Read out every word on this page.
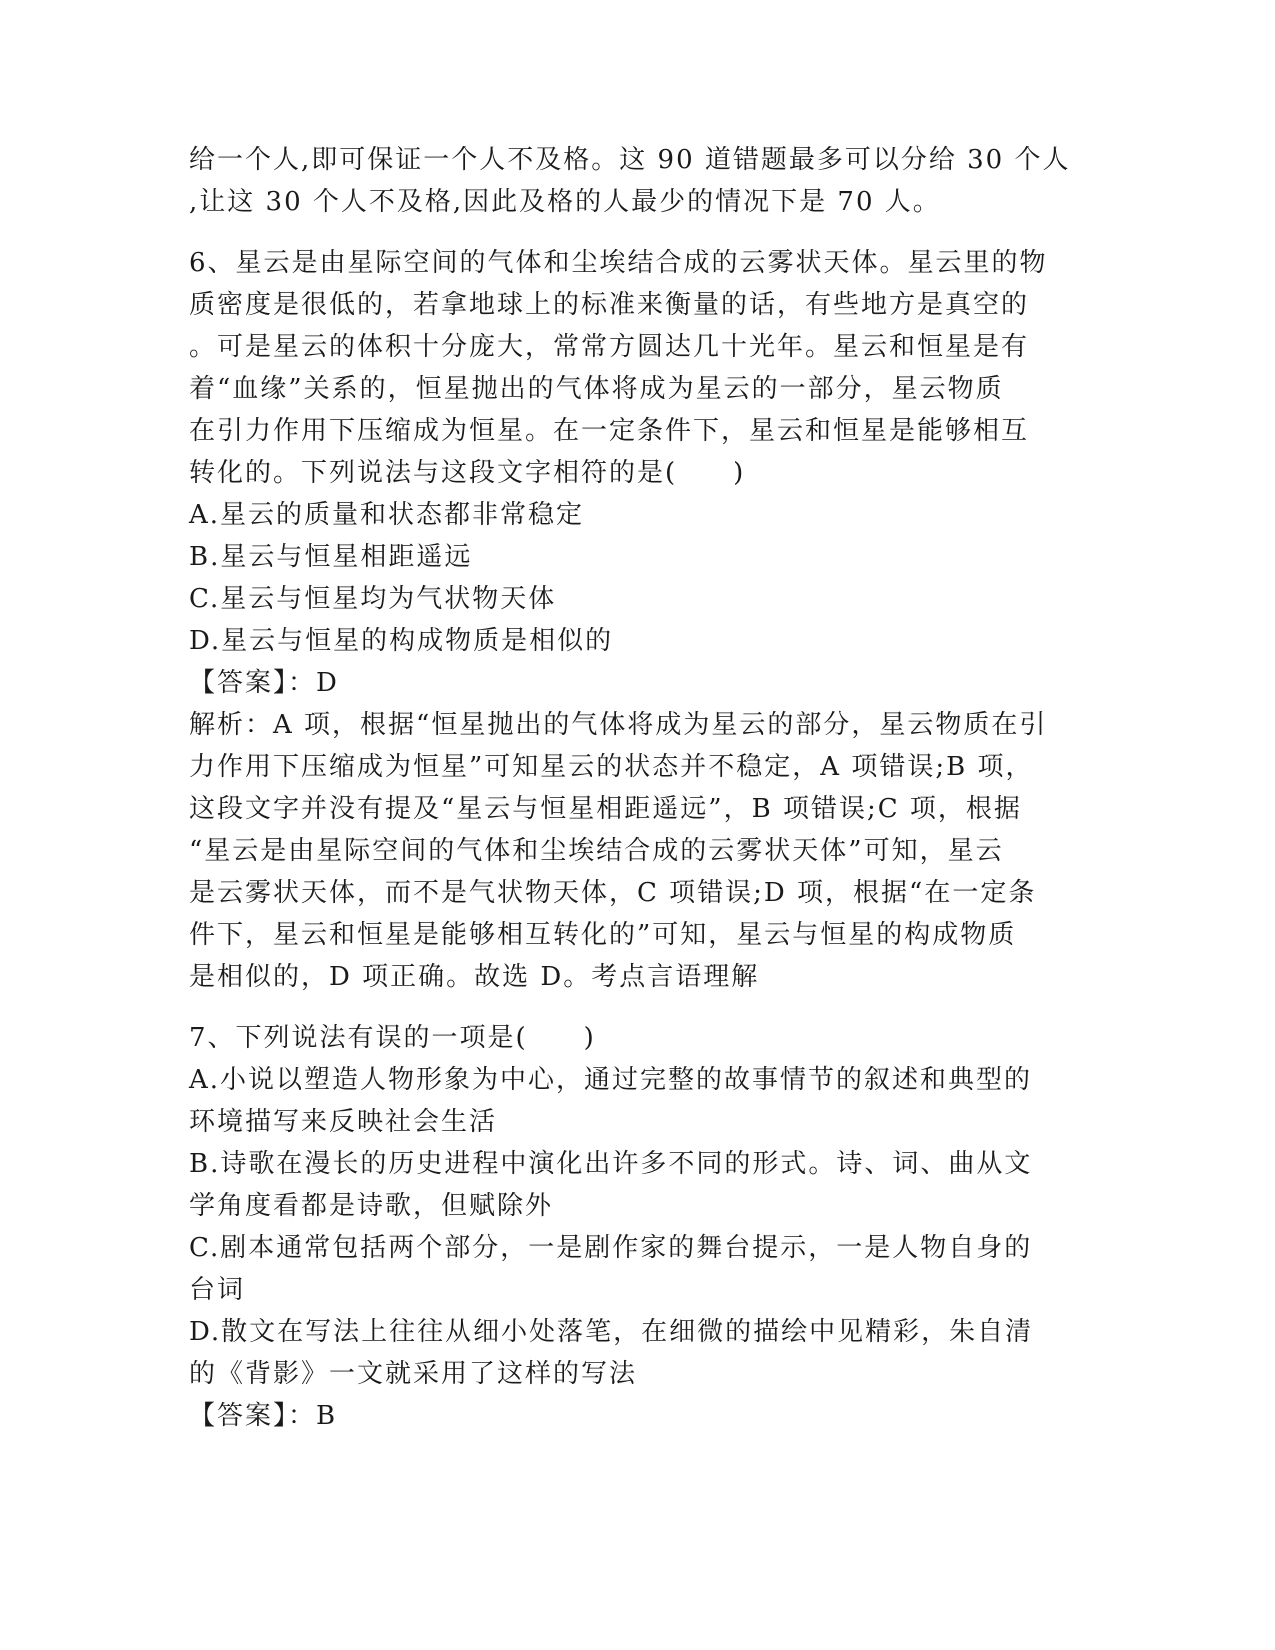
给一个人,即可保证一个人不及格。这 90 道错题最多可以分给 30 个人
,让这 30 个人不及格,因此及格的人最少的情况下是 70 人。
6、星云是由星际空间的气体和尘埃结合成的云雾状天体。星云里的物
质密度是很低的，若拿地球上的标准来衡量的话，有些地方是真空的
。可是星云的体积十分庞大，常常方圆达几十光年。星云和恒星是有
着“血缘”关系的，恒星抛出的气体将成为星云的一部分，星云物质
在引力作用下压缩成为恒星。在一定条件下，星云和恒星是能够相互
转化的。下列说法与这段文字相符的是(　　)
A.星云的质量和状态都非常稳定
B.星云与恒星相距遥远
C.星云与恒星均为气状物天体
D.星云与恒星的构成物质是相似的
【答案】：D
解析：A 项，根据“恒星抛出的气体将成为星云的部分，星云物质在引
力作用下压缩成为恒星”可知星云的状态并不稳定，A 项错误;B 项，
这段文字并没有提及“星云与恒星相距遥远”，B 项错误;C 项，根据
“星云是由星际空间的气体和尘埃结合成的云雾状天体”可知，星云
是云雾状天体，而不是气状物天体，C 项错误;D 项，根据“在一定条
件下，星云和恒星是能够相互转化的”可知，星云与恒星的构成物质
是相似的，D 项正确。故选 D。考点言语理解
7、下列说法有误的一项是(　　)
A.小说以塑造人物形象为中心，通过完整的故事情节的叙述和典型的
环境描写来反映社会生活
B.诗歌在漫长的历史进程中演化出许多不同的形式。诗、词、曲从文
学角度看都是诗歌，但赋除外
C.剧本通常包括两个部分，一是剧作家的舞台提示，一是人物自身的
台词
D.散文在写法上往往从细小处落笔，在细微的描绘中见精彩，朱自清
的《背影》一文就采用了这样的写法
【答案】：B
